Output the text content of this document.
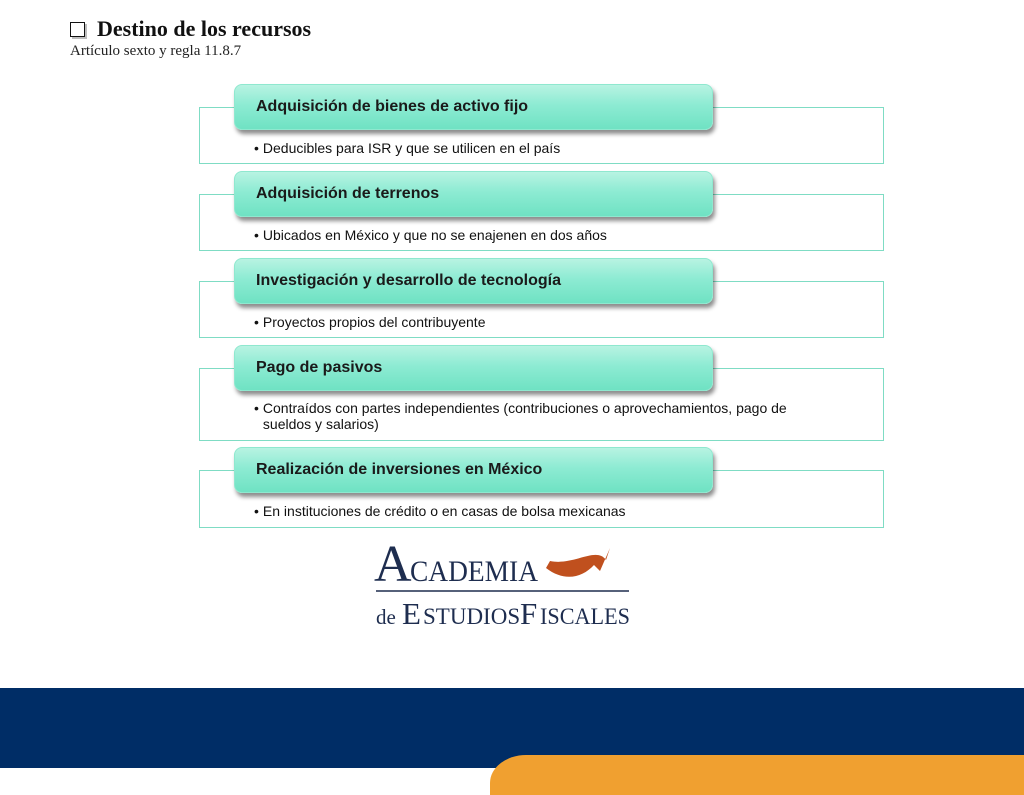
Destino de los recursos
Artículo sexto y regla 11.8.7
• Deducibles para ISR y que se utilicen en el país
Adquisición de bienes de activo fijo
• Ubicados en México y que no se enajenen en dos años
Adquisición de terrenos
• Proyectos propios del contribuyente
Investigación y desarrollo de tecnología
• Contraídos con partes independientes (contribuciones o aprovechamientos, pago de sueldos y salarios)
Pago de pasivos
• En instituciones de crédito o en casas de bolsa mexicanas
Realización de inversiones en México
A
CADEMIA
de E STUDIOS F ISCALES
